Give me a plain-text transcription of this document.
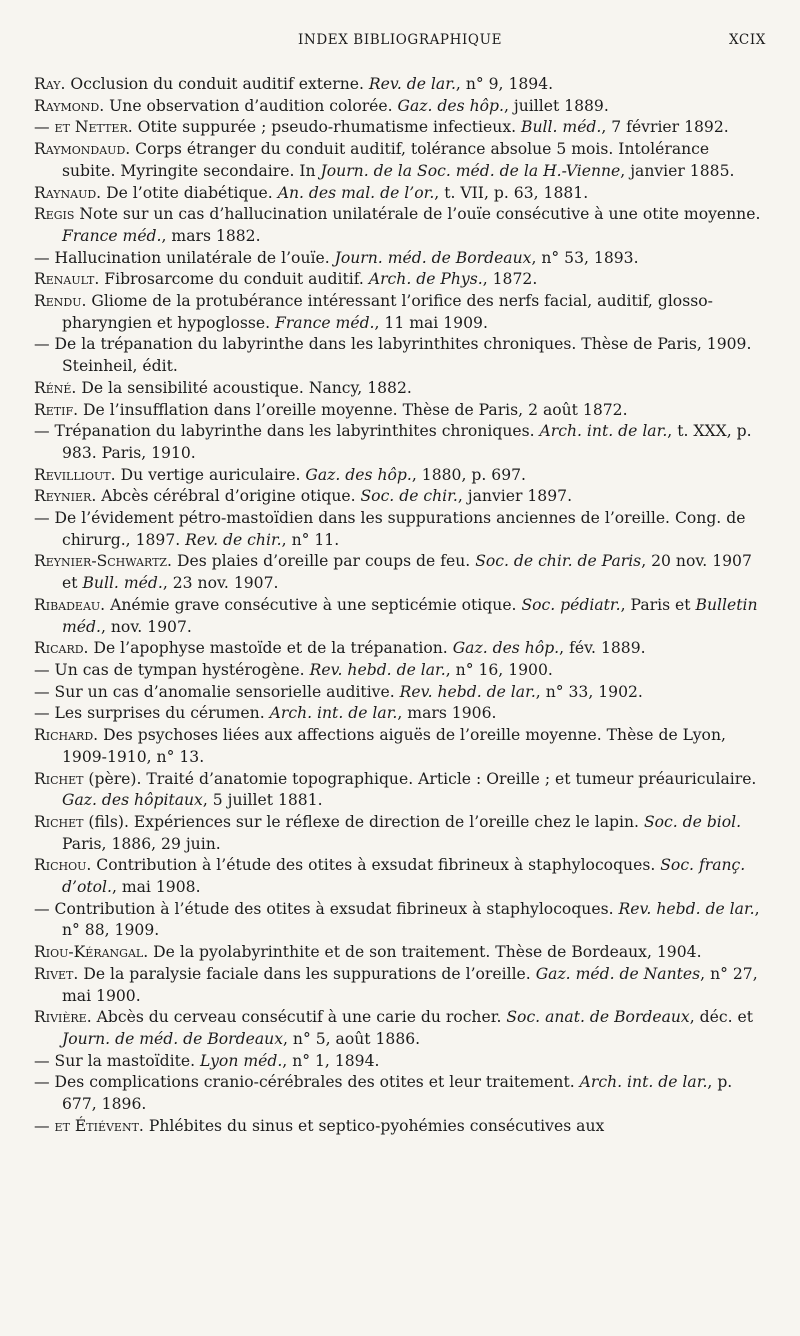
INDEX BIBLIOGRAPHIQUE	XCIX

Ray. Occlusion du conduit auditif externe. Rev. de lar., n° 9, 1894.

Raymond. Une observation d’audition colorée. Gaz. des hôp., juillet 1889.

— et Netter. Otite suppurée ; pseudo-rhumatisme infectieux. Bull. méd., 7 février 1892.

Raymondaud. Corps étranger du conduit auditif, tolérance absolue 5 mois. Intolérance subite. Myringite secondaire. In Journ. de la Soc. méd. de la H.-Vienne, janvier 1885.

Raynaud. De l’otite diabétique. An. des mal. de l’or., t. VII, p. 63, 1881.

Regis Note sur un cas d’hallucination unilatérale de l’ouïe consécutive à une otite moyenne. France méd., mars 1882.

— Hallucination unilatérale de l’ouïe. Journ. méd. de Bordeaux, n° 53, 1893.

Renault. Fibrosarcome du conduit auditif. Arch. de Phys., 1872.

Rendu. Gliome de la protubérance intéressant l’orifice des nerfs facial, auditif, glosso-pharyngien et hypoglosse. France méd., 11 mai 1909.

— De la trépanation du labyrinthe dans les labyrinthites chroniques. Thèse de Paris, 1909. Steinheil, édit.

Réné. De la sensibilité acoustique. Nancy, 1882.

Retif. De l’insufflation dans l’oreille moyenne. Thèse de Paris, 2 août 1872.

— Trépanation du labyrinthe dans les labyrinthites chroniques. Arch. int. de lar., t. XXX, p. 983. Paris, 1910.

Revilliout. Du vertige auriculaire. Gaz. des hôp., 1880, p. 697.

Reynier. Abcès cérébral d’origine otique. Soc. de chir., janvier 1897.

— De l’évidement pétro-mastoïdien dans les suppurations anciennes de l’oreille. Cong. de chirurg., 1897. Rev. de chir., n° 11.

Reynier-Schwartz. Des plaies d’oreille par coups de feu. Soc. de chir. de Paris, 20 nov. 1907 et Bull. méd., 23 nov. 1907.

Ribadeau. Anémie grave consécutive à une septicémie otique. Soc. pédiatr., Paris et Bulletin méd., nov. 1907.

Ricard. De l’apophyse mastoïde et de la trépanation. Gaz. des hôp., fév. 1889.

— Un cas de tympan hystérogène. Rev. hebd. de lar., n° 16, 1900.

— Sur un cas d’anomalie sensorielle auditive. Rev. hebd. de lar., n° 33, 1902.

— Les surprises du cérumen. Arch. int. de lar., mars 1906.

Richard. Des psychoses liées aux affections aiguës de l’oreille moyenne. Thèse de Lyon, 1909-1910, n° 13.

Richet (père). Traité d’anatomie topographique. Article : Oreille ; et tumeur préauriculaire. Gaz. des hôpitaux, 5 juillet 1881.

Richet (fils). Expériences sur le réflexe de direction de l’oreille chez le lapin. Soc. de biol. Paris, 1886, 29 juin.

Richou. Contribution à l’étude des otites à exsudat fibrineux à staphylocoques. Soc. franç. d’otol., mai 1908.

— Contribution à l’étude des otites à exsudat fibrineux à staphylocoques. Rev. hebd. de lar., n° 88, 1909.

Riou-Kérangal. De la pyolabyrinthite et de son traitement. Thèse de Bordeaux, 1904.

Rivet. De la paralysie faciale dans les suppurations de l’oreille. Gaz. méd. de Nantes, n° 27, mai 1900.

Rivière. Abcès du cerveau consécutif à une carie du rocher. Soc. anat. de Bordeaux, déc. et Journ. de méd. de Bordeaux, n° 5, août 1886.

— Sur la mastoïdite. Lyon méd., n° 1, 1894.

— Des complications cranio-cérébrales des otites et leur traitement. Arch. int. de lar., p. 677, 1896.

— et Étiévent. Phlébites du sinus et septico-pyohémies consécutives aux
